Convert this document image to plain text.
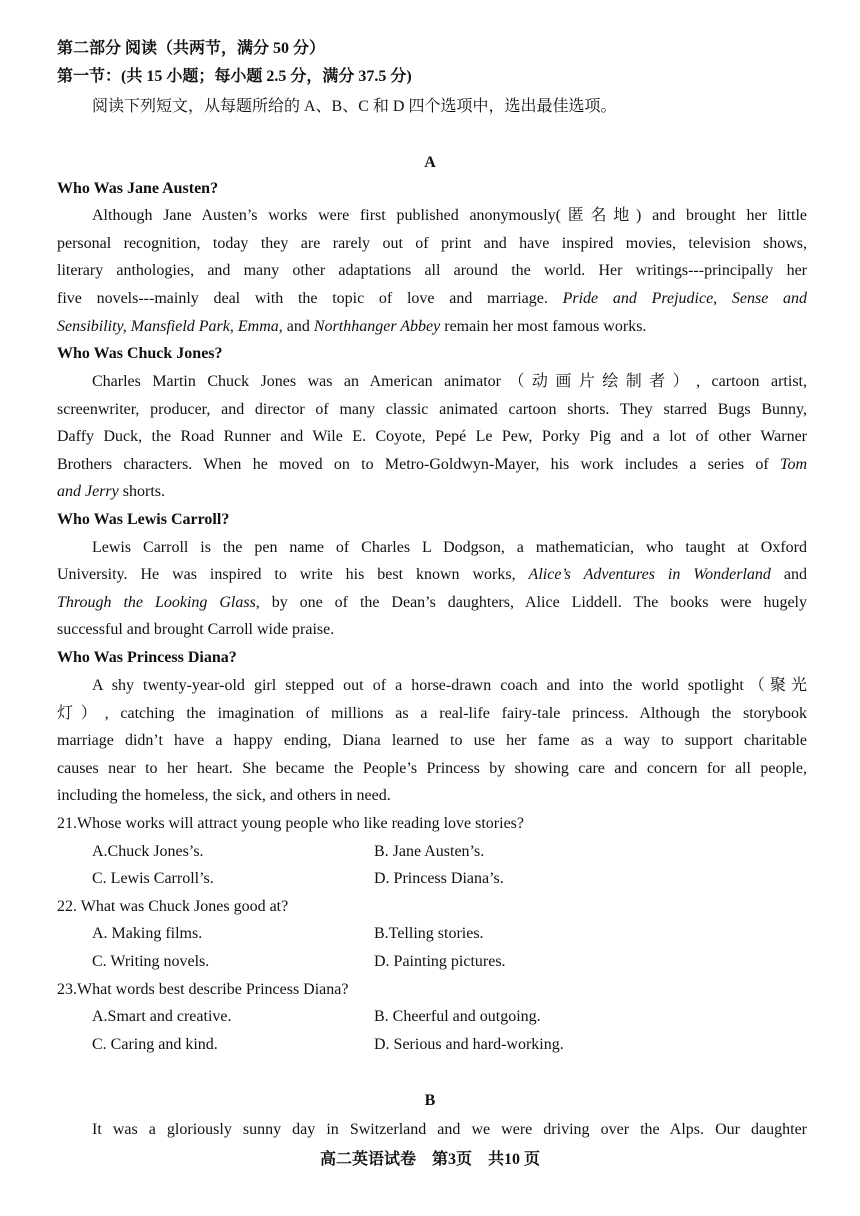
第二部分 阅读（共两节，满分 50 分）
第一节：(共 15 小题；每小题 2.5 分，满分 37.5 分)
阅读下列短文，从每题所给的 A、B、C 和 D 四个选项中，选出最佳选项。
A
Who Was Jane Austen?
Although Jane Austen’s works were first published anonymously(匿名地) and brought her little
personal recognition, today they are rarely out of print and have inspired movies, television shows,
literary anthologies, and many other adaptations all around the world. Her writings---principally her
five novels---mainly deal with the topic of love and marriage. Pride and Prejudice, Sense and
Sensibility, Mansfield Park, Emma, and Northhanger Abbey remain her most famous works.
Who Was Chuck Jones?
Charles Martin Chuck Jones was an American animator（动画片绘制者）, cartoon artist,
screenwriter, producer, and director of many classic animated cartoon shorts. They starred Bugs Bunny,
Daffy Duck, the Road Runner and Wile E. Coyote, Pepé Le Pew, Porky Pig and a lot of other Warner
Brothers characters. When he moved on to Metro-Goldwyn-Mayer, his work includes a series of Tom
and Jerry shorts.
Who Was Lewis Carroll?
Lewis Carroll is the pen name of Charles L Dodgson, a mathematician, who taught at Oxford
University. He was inspired to write his best known works, Alice’s Adventures in Wonderland and
Through the Looking Glass, by one of the Dean’s daughters, Alice Liddell. The books were hugely
successful and brought Carroll wide praise.
Who Was Princess Diana?
A shy twenty-year-old girl stepped out of a horse-drawn coach and into the world spotlight（聚光
灯）, catching the imagination of millions as a real-life fairy-tale princess. Although the storybook
marriage didn’t have a happy ending, Diana learned to use her fame as a way to support charitable
causes near to her heart. She became the People’s Princess by showing care and concern for all people,
including the homeless, the sick, and others in need.
21.Whose works will attract young people who like reading love stories?
A.Chuck Jones’s.	B. Jane Austen’s.
C. Lewis Carroll’s.	D. Princess Diana’s.
22. What was Chuck Jones good at?
A. Making films.	B.Telling stories.
C. Writing novels.	D. Painting pictures.
23.What words best describe Princess Diana?
A.Smart and creative.	B. Cheerful and outgoing.
C. Caring and kind.	D. Serious and hard-working.
B
It was a gloriously sunny day in Switzerland and we were driving over the Alps. Our daughter
高二英语试卷　第3页　共10 页
